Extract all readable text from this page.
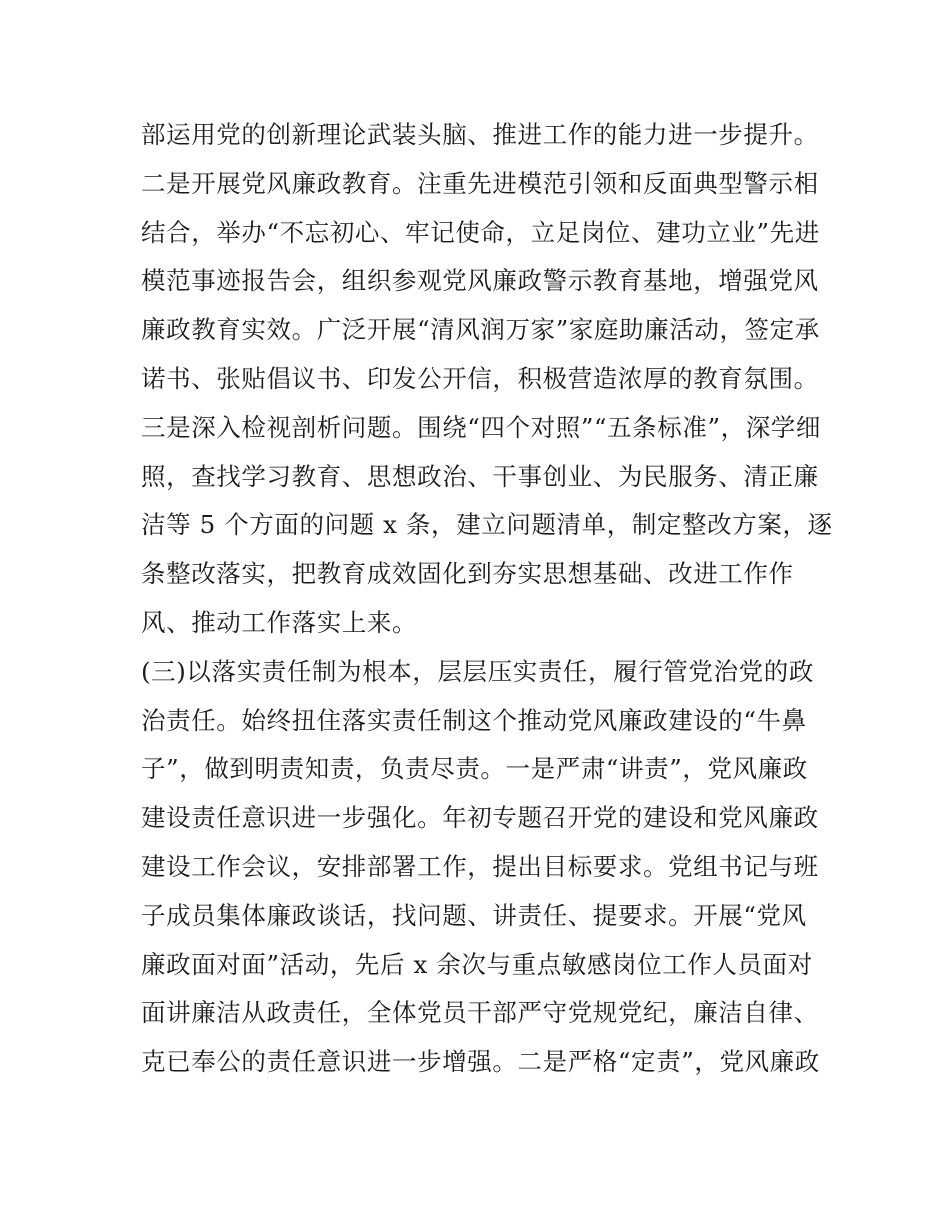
部运用党的创新理论武装头脑、推进工作的能力进一步提升。
二是开展党风廉政教育。注重先进模范引领和反面典型警示相
结合，举办“不忘初心、牢记使命，立足岗位、建功立业”先进
模范事迹报告会，组织参观党风廉政警示教育基地，增强党风
廉政教育实效。广泛开展“清风润万家”家庭助廉活动，签定承
诺书、张贴倡议书、印发公开信，积极营造浓厚的教育氛围。
三是深入检视剖析问题。围绕“四个对照”“五条标准”，深学细
照，查找学习教育、思想政治、干事创业、为民服务、清正廉
洁等 5 个方面的问题 x 条，建立问题清单，制定整改方案，逐
条整改落实，把教育成效固化到夯实思想基础、改进工作作
风、推动工作落实上来。
(三)以落实责任制为根本，层层压实责任，履行管党治党的政
治责任。始终扭住落实责任制这个推动党风廉政建设的“牛鼻
子”，做到明责知责，负责尽责。一是严肃“讲责”，党风廉政
建设责任意识进一步强化。年初专题召开党的建设和党风廉政
建设工作会议，安排部署工作，提出目标要求。党组书记与班
子成员集体廉政谈话，找问题、讲责任、提要求。开展“党风
廉政面对面”活动，先后 x 余次与重点敏感岗位工作人员面对
面讲廉洁从政责任，全体党员干部严守党规党纪，廉洁自律、
克已奉公的责任意识进一步增强。二是严格“定责”，党风廉政
